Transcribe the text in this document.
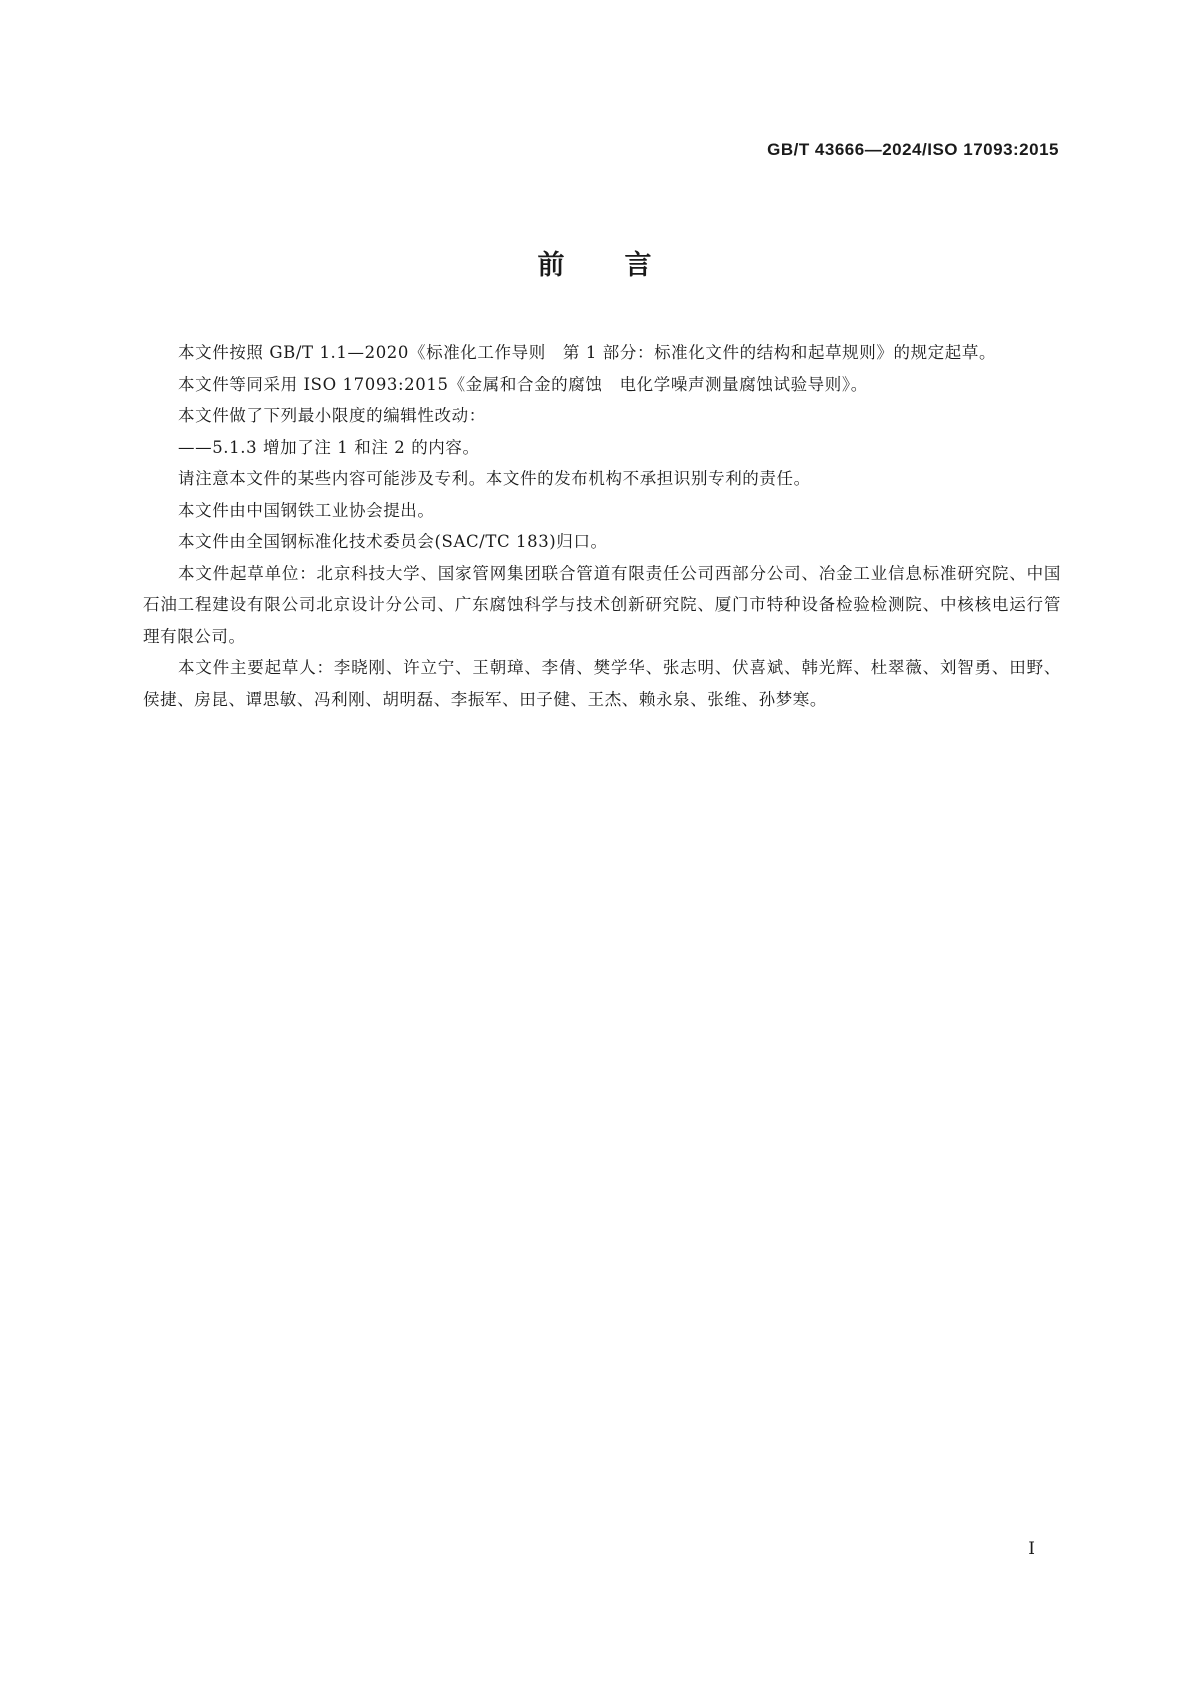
GB/T 43666—2024/ISO 17093:2015
前 言

本文件按照 GB/T 1.1—2020《标准化工作导则　第 1 部分：标准化文件的结构和起草规则》的规定起草。

本文件等同采用 ISO 17093:2015《金属和合金的腐蚀　电化学噪声测量腐蚀试验导则》。

本文件做了下列最小限度的编辑性改动：

——5.1.3 增加了注 1 和注 2 的内容。

请注意本文件的某些内容可能涉及专利。本文件的发布机构不承担识别专利的责任。

本文件由中国钢铁工业协会提出。

本文件由全国钢标准化技术委员会(SAC/TC 183)归口。

本文件起草单位：北京科技大学、国家管网集团联合管道有限责任公司西部分公司、冶金工业信息标准研究院、中国石油工程建设有限公司北京设计分公司、广东腐蚀科学与技术创新研究院、厦门市特种设备检验检测院、中核核电运行管理有限公司。

本文件主要起草人：李晓刚、许立宁、王朝璋、李倩、樊学华、张志明、伏喜斌、韩光辉、杜翠薇、刘智勇、田野、侯捷、房昆、谭思敏、冯利刚、胡明磊、李振军、田子健、王杰、赖永泉、张维、孙梦寒。

I
